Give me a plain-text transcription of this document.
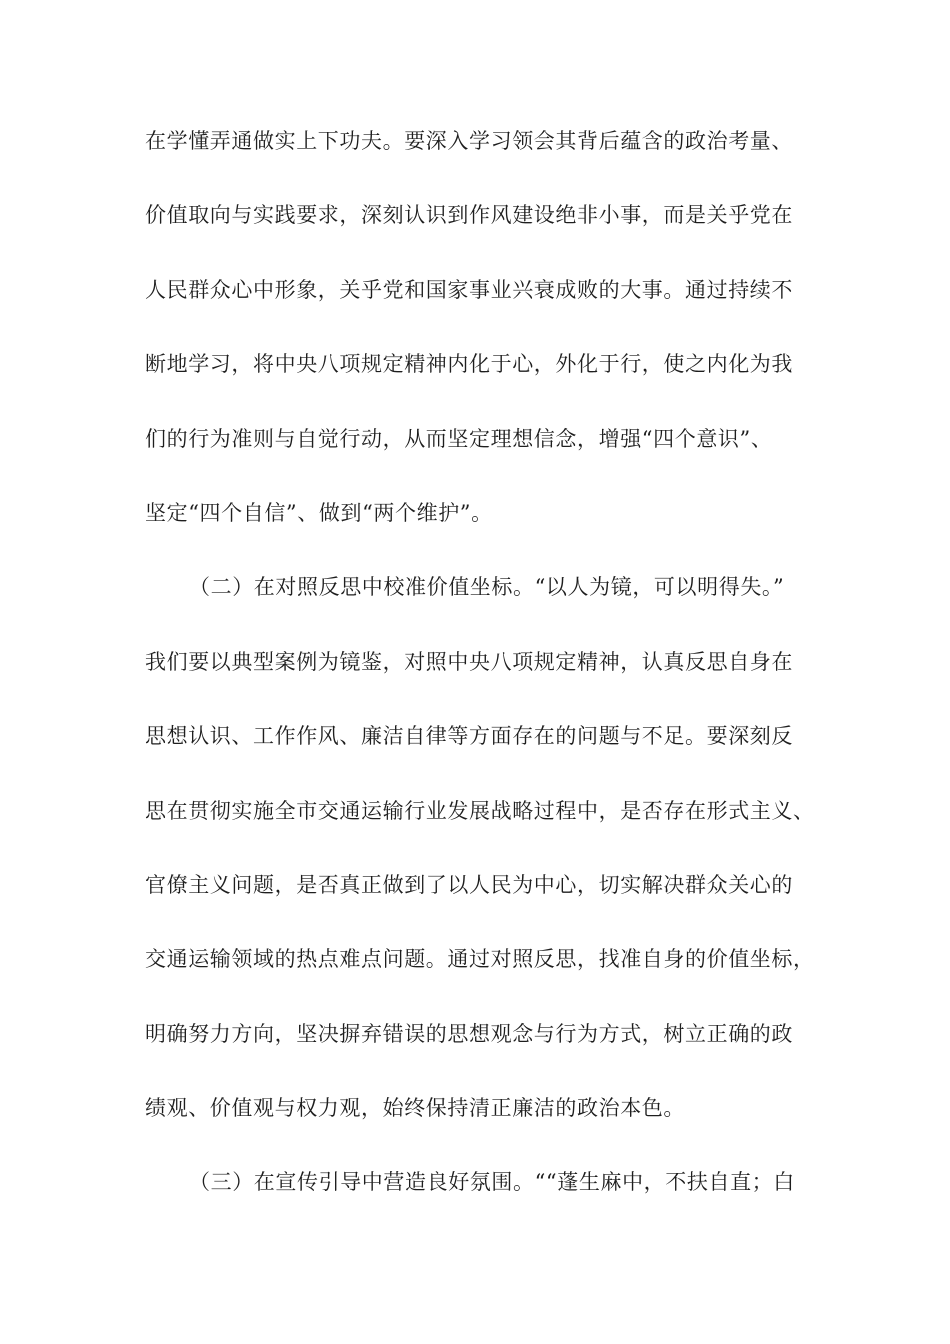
在学懂弄通做实上下功夫。要深入学习领会其背后蕴含的政治考量、
价值取向与实践要求，深刻认识到作风建设绝非小事，而是关乎党在
人民群众心中形象，关乎党和国家事业兴衰成败的大事。通过持续不
断地学习，将中央八项规定精神内化于心，外化于行，使之内化为我
们的行为准则与自觉行动，从而坚定理想信念，增强“四个意识”、
坚定“四个自信”、做到“两个维护”。
（二）在对照反思中校准价值坐标。“以人为镜，可以明得失。”
我们要以典型案例为镜鉴，对照中央八项规定精神，认真反思自身在
思想认识、工作作风、廉洁自律等方面存在的问题与不足。要深刻反
思在贯彻实施全市交通运输行业发展战略过程中，是否存在形式主义、
官僚主义问题，是否真正做到了以人民为中心，切实解决群众关心的
交通运输领域的热点难点问题。通过对照反思，找准自身的价值坐标，
明确努力方向，坚决摒弃错误的思想观念与行为方式，树立正确的政
绩观、价值观与权力观，始终保持清正廉洁的政治本色。
（三）在宣传引导中营造良好氛围。““蓬生麻中，不扶自直；白
